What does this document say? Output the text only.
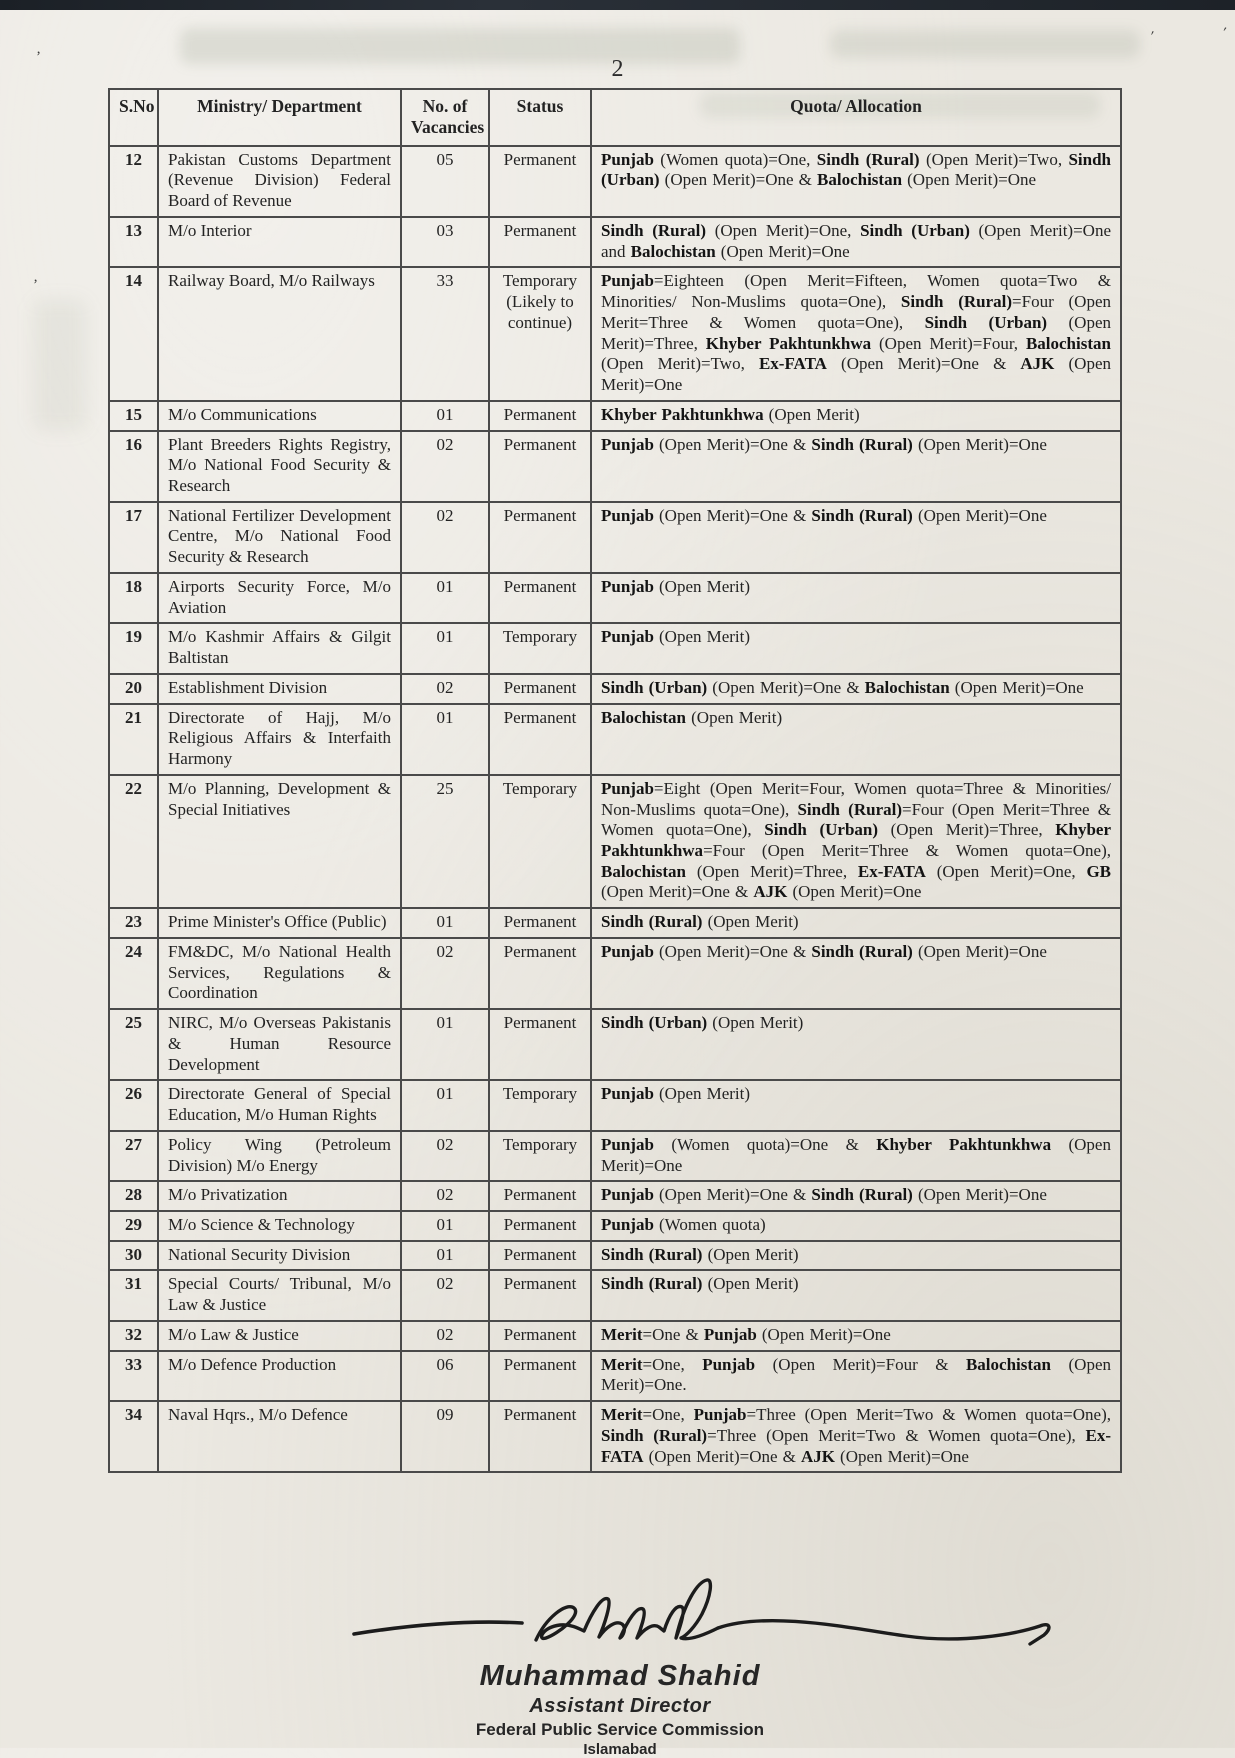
’
′	′
’
2
S.No	Ministry/ Department	No. of Vacancies	Status	Quota/ Allocation
12	Pakistan Customs Department (Revenue Division) Federal Board of Revenue	05	Permanent	Punjab (Women quota)=One, Sindh (Rural) (Open Merit)=Two, Sindh (Urban) (Open Merit)=One & Balochistan (Open Merit)=One
13	M/o Interior	03	Permanent	Sindh (Rural) (Open Merit)=One, Sindh (Urban) (Open Merit)=One and Balochistan (Open Merit)=One
14	Railway Board, M/o Railways	33	Temporary (Likely to continue)	Punjab=Eighteen (Open Merit=Fifteen, Women quota=Two & Minorities/ Non-Muslims quota=One), Sindh (Rural)=Four (Open Merit=Three & Women quota=One), Sindh (Urban) (Open Merit)=Three, Khyber Pakhtunkhwa (Open Merit)=Four, Balochistan (Open Merit)=Two, Ex-FATA (Open Merit)=One & AJK (Open Merit)=One
15	M/o Communications	01	Permanent	Khyber Pakhtunkhwa (Open Merit)
16	Plant Breeders Rights Registry, M/o National Food Security & Research	02	Permanent	Punjab (Open Merit)=One & Sindh (Rural) (Open Merit)=One
17	National Fertilizer Development Centre, M/o National Food Security & Research	02	Permanent	Punjab (Open Merit)=One & Sindh (Rural) (Open Merit)=One
18	Airports Security Force, M/o Aviation	01	Permanent	Punjab (Open Merit)
19	M/o Kashmir Affairs & Gilgit Baltistan	01	Temporary	Punjab (Open Merit)
20	Establishment Division	02	Permanent	Sindh (Urban) (Open Merit)=One & Balochistan (Open Merit)=One
21	Directorate of Hajj, M/o Religious Affairs & Interfaith Harmony	01	Permanent	Balochistan (Open Merit)
22	M/o Planning, Development & Special Initiatives	25	Temporary	Punjab=Eight (Open Merit=Four, Women quota=Three & Minorities/ Non-Muslims quota=One), Sindh (Rural)=Four (Open Merit=Three & Women quota=One), Sindh (Urban) (Open Merit)=Three, Khyber Pakhtunkhwa=Four (Open Merit=Three & Women quota=One), Balochistan (Open Merit)=Three, Ex-FATA (Open Merit)=One, GB (Open Merit)=One & AJK (Open Merit)=One
23	Prime Minister's Office (Public)	01	Permanent	Sindh (Rural) (Open Merit)
24	FM&DC, M/o National Health Services, Regulations & Coordination	02	Permanent	Punjab (Open Merit)=One & Sindh (Rural) (Open Merit)=One
25	NIRC, M/o Overseas Pakistanis & Human Resource Development	01	Permanent	Sindh (Urban) (Open Merit)
26	Directorate General of Special Education, M/o Human Rights	01	Temporary	Punjab (Open Merit)
27	Policy Wing (Petroleum Division) M/o Energy	02	Temporary	Punjab (Women quota)=One & Khyber Pakhtunkhwa (Open Merit)=One
28	M/o Privatization	02	Permanent	Punjab (Open Merit)=One & Sindh (Rural) (Open Merit)=One
29	M/o Science & Technology	01	Permanent	Punjab (Women quota)
30	National Security Division	01	Permanent	Sindh (Rural) (Open Merit)
31	Special Courts/ Tribunal, M/o Law & Justice	02	Permanent	Sindh (Rural) (Open Merit)
32	M/o Law & Justice	02	Permanent	Merit=One & Punjab (Open Merit)=One
33	M/o Defence Production	06	Permanent	Merit=One, Punjab (Open Merit)=Four & Balochistan (Open Merit)=One.
34	Naval Hqrs., M/o Defence	09	Permanent	Merit=One, Punjab=Three (Open Merit=Two & Women quota=One), Sindh (Rural)=Three (Open Merit=Two & Women quota=One), Ex-FATA (Open Merit)=One & AJK (Open Merit)=One
Muhammad Shahid
Assistant Director
Federal Public Service Commission
Islamabad
